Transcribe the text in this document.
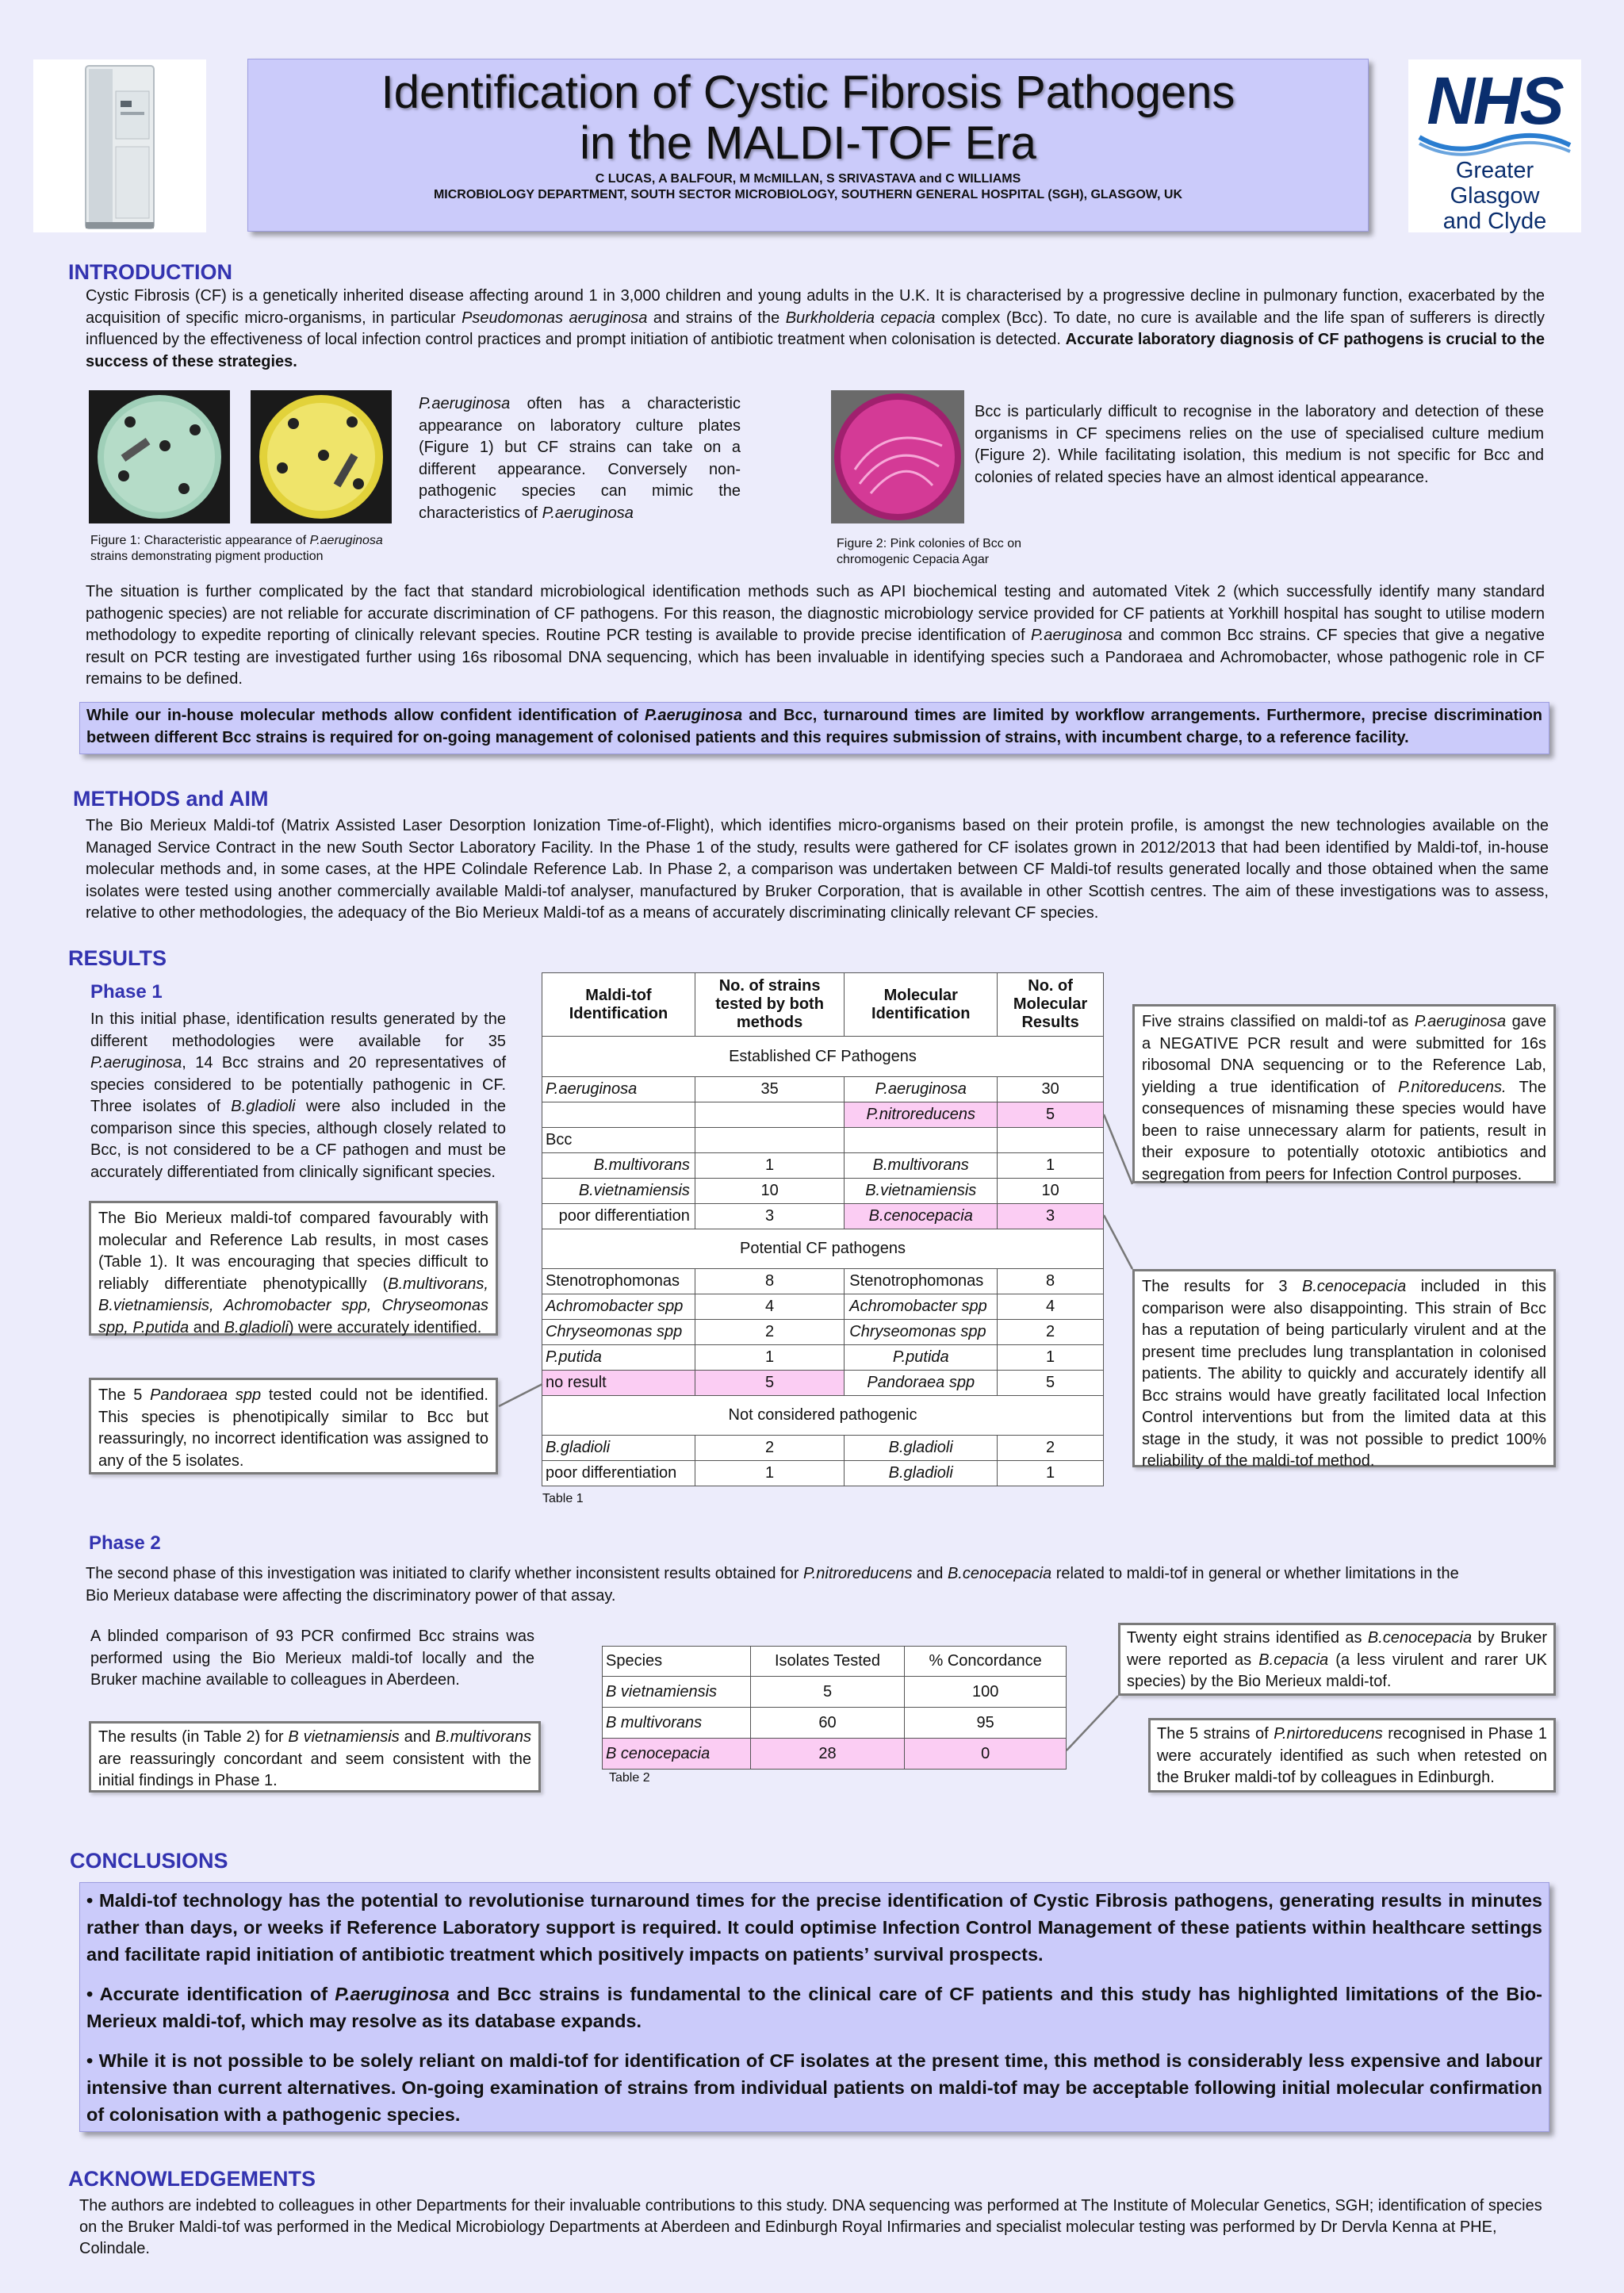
Identification of Cystic Fibrosis Pathogens
in the MALDI-TOF Era
C LUCAS, A BALFOUR, M McMILLAN, S SRIVASTAVA and C WILLIAMS
MICROBIOLOGY DEPARTMENT, SOUTH SECTOR MICROBIOLOGY, SOUTHERN GENERAL HOSPITAL (SGH), GLASGOW, UK
NHS
Greater Glasgow
and Clyde
INTRODUCTION
Cystic Fibrosis (CF) is a genetically inherited disease affecting around 1 in 3,000 children and young adults in the U.K. It is characterised by a progressive decline in pulmonary function, exacerbated by the acquisition of specific micro-organisms, in particular Pseudomonas aeruginosa and strains of the Burkholderia cepacia complex (Bcc). To date, no cure is available and the life span of sufferers is directly influenced by the effectiveness of local infection control practices and prompt initiation of antibiotic treatment when colonisation is detected. Accurate laboratory diagnosis of CF pathogens is crucial to the success of these strategies.
P.aeruginosa often has a characteristic appearance on laboratory culture plates (Figure 1) but CF strains can take on a different appearance. Conversely non-pathogenic species can mimic the characteristics of P.aeruginosa
Figure 1: Characteristic appearance of P.aeruginosa strains demonstrating pigment production
Bcc is particularly difficult to recognise in the laboratory and detection of these organisms in CF specimens relies on the use of specialised culture medium (Figure 2). While facilitating isolation, this medium is not specific for Bcc and colonies of related species have an almost identical appearance.
Figure 2: Pink colonies of Bcc on
chromogenic Cepacia Agar
The situation is further complicated by the fact that standard microbiological identification methods such as API biochemical testing and automated Vitek 2 (which successfully identify many standard pathogenic species) are not reliable for accurate discrimination of CF pathogens. For this reason, the diagnostic microbiology service provided for CF patients at Yorkhill hospital has sought to utilise modern methodology to expedite reporting of clinically relevant species. Routine PCR testing is available to provide precise identification of P.aeruginosa and common Bcc strains. CF species that give a negative result on PCR testing are investigated further using 16s ribosomal DNA sequencing, which has been invaluable in identifying species such a Pandoraea and Achromobacter, whose pathogenic role in CF remains to be defined.
While our in-house molecular methods allow confident identification of P.aeruginosa and Bcc, turnaround times are limited by workflow arrangements. Furthermore, precise discrimination between different Bcc strains is required for on-going management of colonised patients and this requires submission of strains, with incumbent charge, to a reference facility.
METHODS and AIM
The Bio Merieux Maldi-tof (Matrix Assisted Laser Desorption Ionization Time-of-Flight), which identifies micro-organisms based on their protein profile, is amongst the new technologies available on the Managed Service Contract in the new South Sector Laboratory Facility. In the Phase 1 of the study, results were gathered for CF isolates grown in 2012/2013 that had been identified by Maldi-tof, in-house molecular methods and, in some cases, at the HPE Colindale Reference Lab. In Phase 2, a comparison was undertaken between CF Maldi-tof results generated locally and those obtained when the same isolates were tested using another commercially available Maldi-tof analyser, manufactured by Bruker Corporation, that is available in other Scottish centres. The aim of these investigations was to assess, relative to other methodologies, the adequacy of the Bio Merieux Maldi-tof as a means of accurately discriminating clinically relevant CF species.
RESULTS
Phase 1
In this initial phase, identification results generated by the different methodologies were available for 35 P.aeruginosa, 14 Bcc strains and 20 representatives of species considered to be potentially pathogenic in CF. Three isolates of B.gladioli were also included in the comparison since this species, although closely related to Bcc, is not considered to be a CF pathogen and must be accurately differentiated from clinically significant species.
The Bio Merieux maldi-tof compared favourably with molecular and Reference Lab results, in most cases (Table 1). It was encouraging that species difficult to reliably differentiate phenotypicallly (B.multivorans, B.vietnamiensis, Achromobacter spp, Chryseomonas spp, P.putida and B.gladioli) were accurately identified.
The 5 Pandoraea spp tested could not be identified. This species is phenotipically similar to Bcc but reassuringly, no incorrect identification was assigned to any of the 5 isolates.
Maldi-tof Identification	No. of strains tested by both methods	Molecular Identification	No. of Molecular Results
Established CF Pathogens			
P.aeruginosa	35	P.aeruginosa	30
		P.nitroreducens	5
Bcc			
B.multivorans	1	B.multivorans	1
B.vietnamiensis	10	B.vietnamiensis	10
poor differentiation	3	B.cenocepacia	3
Potential CF pathogens			
Stenotrophomonas	8	Stenotrophomonas	8
Achromobacter spp	4	Achromobacter spp	4
Chryseomonas spp	2	Chryseomonas spp	2
P.putida	1	P.putida	1
no result	5	Pandoraea spp	5
Not considered pathogenic			
B.gladioli	2	B.gladioli	2
poor differentiation	1	B.gladioli	1
Table 1
Five strains classified on maldi-tof as P.aeruginosa gave a NEGATIVE PCR result and were submitted for 16s ribosomal DNA sequencing or to the Reference Lab, yielding a true identification of P.nitoreducens. The consequences of misnaming these species would have been to raise unnecessary alarm for patients, result in their exposure to potentially ototoxic antibiotics and segregation from peers for Infection Control purposes.
The results for 3 B.cenocepacia included in this comparison were also disappointing. This strain of Bcc has a reputation of being particularly virulent and at the present time precludes lung transplantation in colonised patients. The ability to quickly and accurately identify all Bcc strains would have greatly facilitated local Infection Control interventions but from the limited data at this stage in the study, it was not possible to predict 100% reliability of the maldi-tof method.
Phase 2
The second phase of this investigation was initiated to clarify whether inconsistent results obtained for P.nitroreducens and B.cenocepacia related to maldi-tof in general or whether limitations in the Bio Merieux database were affecting the discriminatory power of that assay.
A blinded comparison of 93 PCR confirmed Bcc strains was performed using the Bio Merieux maldi-tof locally and the Bruker machine available to colleagues in Aberdeen.
The results (in Table 2) for B vietnamiensis and B.multivorans are reassuringly concordant and seem consistent with the initial findings in Phase 1.
Species	Isolates Tested	% Concordance
B vietnamiensis	5	100
B multivorans	60	95
B cenocepacia	28	0
Table 2
Twenty eight strains identified as B.cenocepacia by Bruker were reported as B.cepacia (a less virulent and rarer UK species) by the Bio Merieux maldi-tof.
The 5 strains of P.nirtoreducens recognised in Phase 1 were accurately identified as such when retested on the Bruker maldi-tof by colleagues in Edinburgh.
CONCLUSIONS
• Maldi-tof technology has the potential to revolutionise turnaround times for the precise identification of Cystic Fibrosis pathogens, generating results in minutes rather than days, or weeks if Reference Laboratory support is required. It could optimise Infection Control Management of these patients within healthcare settings and facilitate rapid initiation of antibiotic treatment which positively impacts on patients’ survival prospects.
• Accurate identification of P.aeruginosa and Bcc strains is fundamental to the clinical care of CF patients and this study has highlighted limitations of the Bio-Merieux maldi-tof, which may resolve as its database expands.
• While it is not possible to be solely reliant on maldi-tof for identification of CF isolates at the present time, this method is considerably less expensive and labour intensive than current alternatives. On-going examination of strains from individual patients on maldi-tof may be acceptable following initial molecular confirmation of colonisation with a pathogenic species.
ACKNOWLEDGEMENTS
The authors are indebted to colleagues in other Departments for their invaluable contributions to this study. DNA sequencing was performed at The Institute of Molecular Genetics, SGH; identification of species on the Bruker Maldi-tof was performed in the Medical Microbiology Departments at Aberdeen and Edinburgh Royal Infirmaries and specialist molecular testing was performed by Dr Dervla Kenna at PHE, Colindale.
